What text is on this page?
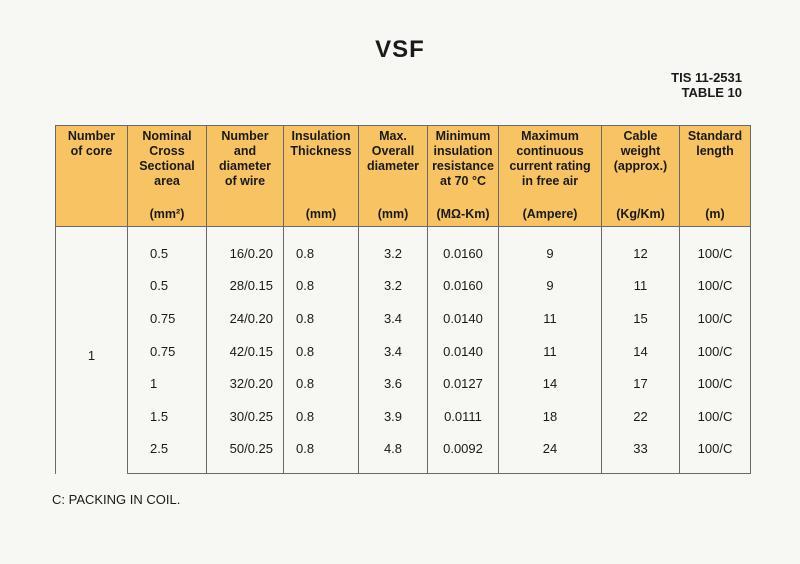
VSF
TIS 11-2531
TABLE 10
Number
of core	Nominal
Cross
Sectional
area
(mm²)	Number
and
diameter
of wire	Insulation
Thickness
(mm)	Max.
Overall
diameter
(mm)	Minimum
insulation
resistance
at 70 °C
(MΩ-Km)	Maximum
continuous
current rating
in free air
(Ampere)	Cable
weight
(approx.)
(Kg/Km)	Standard
length
(m)

1	0.5	16/0.20	0.8	3.2	0.0160	9	12	100/C
	0.5	28/0.15	0.8	3.2	0.0160	9	11	100/C
	0.75	24/0.20	0.8	3.4	0.0140	11	15	100/C
	0.75	42/0.15	0.8	3.4	0.0140	11	14	100/C
	1	32/0.20	0.8	3.6	0.0127	14	17	100/C
	1.5	30/0.25	0.8	3.9	0.0111	18	22	100/C
	2.5	50/0.25	0.8	4.8	0.0092	24	33	100/C
C: PACKING IN COIL.
